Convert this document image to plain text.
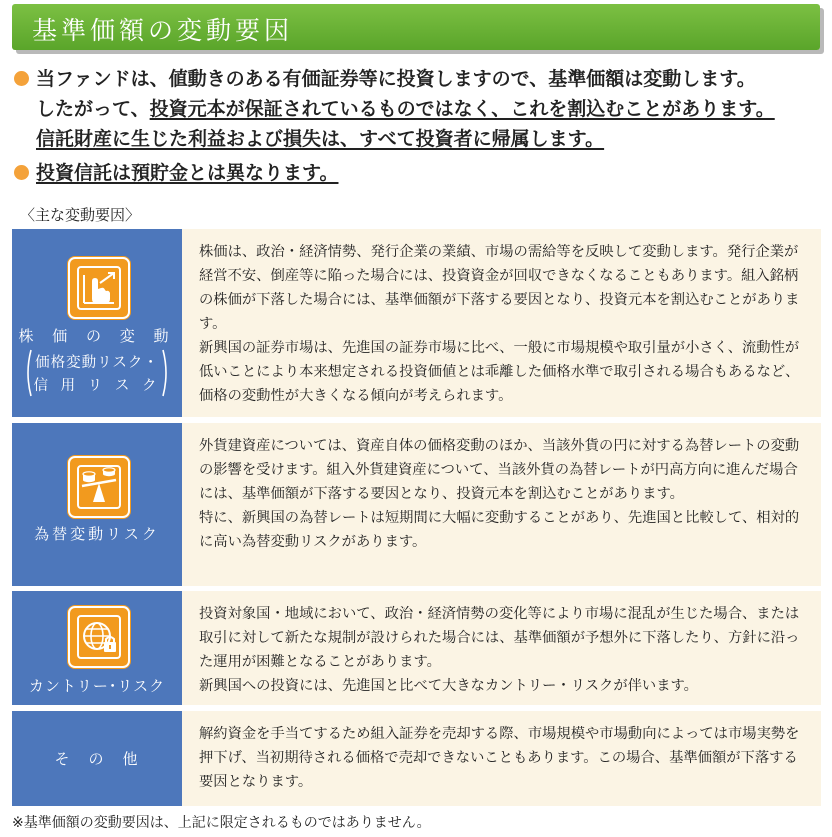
基準価額の変動要因
当ファンドは、値動きのある有価証券等に投資しますので、基準価額は変動します。
したがって、投資元本が保証されているものではなく、これを割込むことがあります。
信託財産に生じた利益および損失は、すべて投資者に帰属します。
投資信託は預貯金とは異なります。
〈主な変動要因〉
株 価 の 変 動
価格変動リスク・
信 用 リ ス ク

株価は、政治・経済情勢、発行企業の業績、市場の需給等を反映して変動します。発行企業が経営不安、倒産等に陥った場合には、投資資金が回収できなくなることもあります。組入銘柄の株価が下落した場合には、基準価額が下落する要因となり、投資元本を割込むことがあります。

新興国の証券市場は、先進国の証券市場に比べ、一般に市場規模や取引量が小さく、流動性が低いことにより本来想定される投資価値とは乖離した価格水準で取引される場合もあるなど、価格の変動性が大きくなる傾向が考えられます。

為替変動リスク

外貨建資産については、資産自体の価格変動のほか、当該外貨の円に対する為替レートの変動の影響を受けます。組入外貨建資産について、当該外貨の為替レートが円高方向に進んだ場合には、基準価額が下落する要因となり、投資元本を割込むことがあります。

特に、新興国の為替レートは短期間に大幅に変動することがあり、先進国と比較して、相対的に高い為替変動リスクがあります。

カントリー･リスク

投資対象国・地域において、政治・経済情勢の変化等により市場に混乱が生じた場合、または取引に対して新たな規制が設けられた場合には、基準価額が予想外に下落したり、方針に沿った運用が困難となることがあります。

新興国への投資には、先進国と比べて大きなカントリー・リスクが伴います。

そ　の　他

解約資金を手当てするため組入証券を売却する際、市場規模や市場動向によっては市場実勢を押下げ、当初期待される価格で売却できないこともあります。この場合、基準価額が下落する要因となります。

※基準価額の変動要因は、上記に限定されるものではありません。
